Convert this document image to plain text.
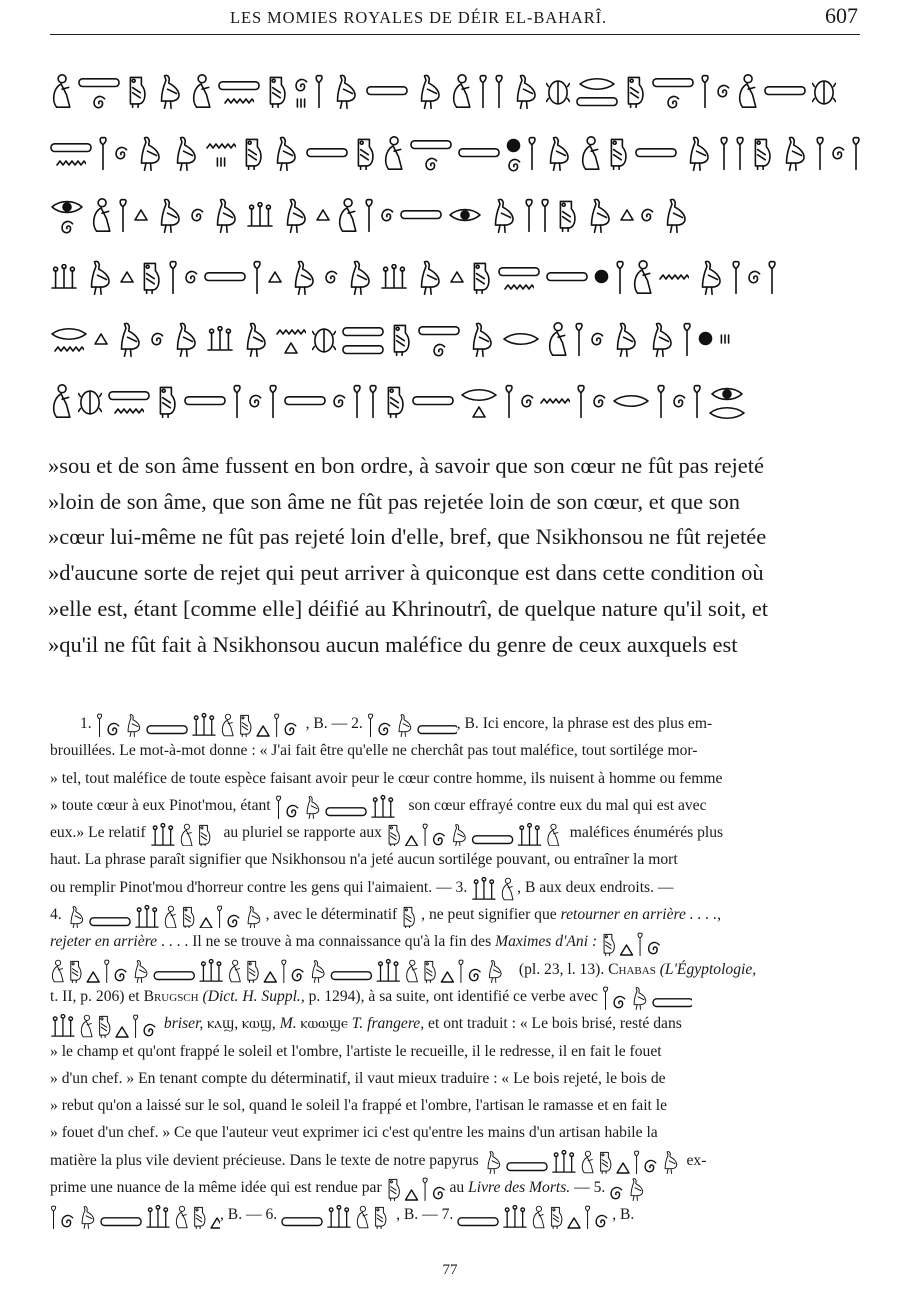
LES MOMIES ROYALES DE DÉIR EL-BAHARÎ.	607

»sou et de son âme fussent en bon ordre, à savoir que son cœur ne fût pas rejeté

»loin de son âme, que son âme ne fût pas rejetée loin de son cœur, et que son

»cœur lui-même ne fût pas rejeté loin d'elle, bref, que Nsikhonsou ne fût rejetée

»d'aucune sorte de rejet qui peut arriver à quiconque est dans cette condition où

»elle est, étant [comme elle] déifié au Khrinoutrî, de quelque nature qu'il soit, et

»qu'il ne fût fait à Nsikhonsou aucun maléfice du genre de ceux auxquels est

1.	, B. — 2.	, B. Ici encore, la phrase est des plus em-
brouillées. Le mot-à-mot donne : « J'ai fait être qu'elle ne cherchât pas tout maléfice, tout sortilége mor-
» tel, tout maléfice de toute espèce faisant avoir peur le cœur contre homme, ils nuisent à homme ou femme
» toute cœur à eux Pinot'mou, étant	son cœur effrayé contre eux du mal qui est avec
eux.» Le relatif	au pluriel se rapporte aux	maléfices énumérés plus
haut. La phrase paraît signifier que Nsikhonsou n'a jeté aucun sortilége pouvant, ou entraîner la mort
ou remplir Pinot'mou d'horreur contre les gens qui l'aimaient. — 3.	, B aux deux endroits. —
4.	, avec le déterminatif , ne peut signifier que retourner en arrière . . . .,
rejeter en arrière . . . . Il ne se trouve à ma connaissance qu'à la fin des Maximes d'Ani :
(pl. 23, l. 13). Chabas (L'Égyptologie,
t. II, p. 206) et Brugsch (Dict. H. Suppl., p. 1294), à sa suite, ont identifié ce verbe avec
briser, ⲕⲁϣ, ⲕⲱϣ, M. ⲕⲱⲱϣⲉ T. frangere, et ont traduit : « Le bois brisé, resté dans
» le champ et qu'ont frappé le soleil et l'ombre, l'artiste le recueille, il le redresse, il en fait le fouet
» d'un chef. » En tenant compte du déterminatif, il vaut mieux traduire : « Le bois rejeté, le bois de
» rebut qu'on a laissé sur le sol, quand le soleil l'a frappé et l'ombre, l'artisan le ramasse et en fait le
» fouet d'un chef. » Ce que l'auteur veut exprimer ici c'est qu'entre les mains d'un artisan habile la
matière la plus vile devient précieuse. Dans le texte de notre papyrus	ex-
prime une nuance de la même idée qui est rendue par	au Livre des Morts. — 5.
, B. — 6.	, B. — 7.	, B.
77
